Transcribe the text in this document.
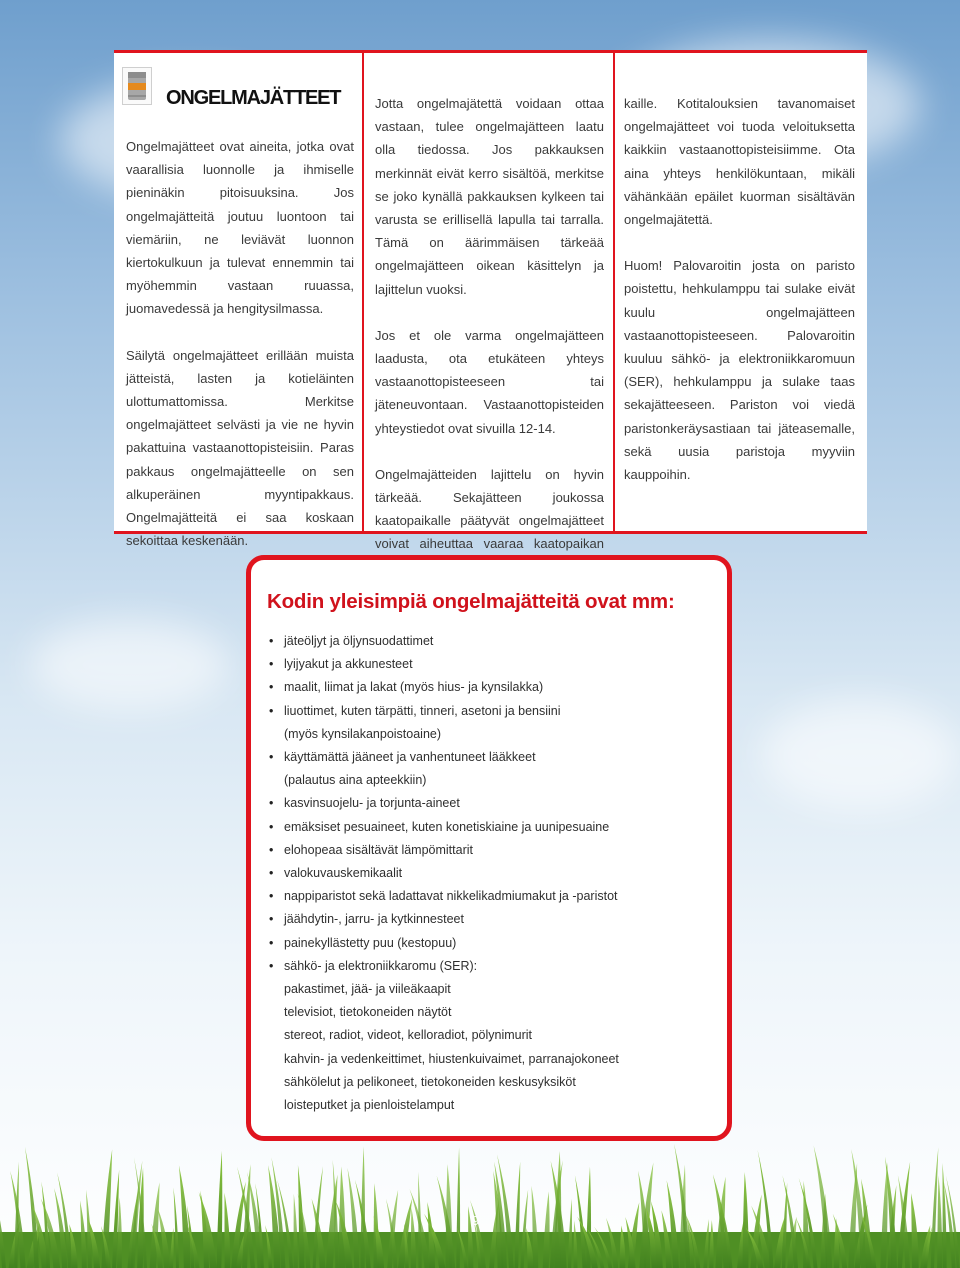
ONGELMAJÄTTEET

Ongelmajätteet ovat aineita, jotka ovat vaarallisia luonnolle ja ihmiselle pieninäkin pitoisuuksina. Jos ongelmajätteitä joutuu luontoon tai viemäriin, ne leviävät luonnon kiertokulkuun ja tulevat ennemmin tai myöhemmin vastaan ruuassa, juomavedessä ja hengitysilmassa.

Säilytä ongelmajätteet erillään muista jätteistä, lasten ja kotieläinten ulottumattomissa. Merkitse ongelmajätteet selvästi ja vie ne hyvin pakattuina vastaanottopisteisiin. Paras pakkaus ongelmajätteelle on sen alkuperäinen myyntipakkaus. Ongelmajätteitä ei saa koskaan sekoittaa keskenään.

Jotta ongelmajätettä voidaan ottaa vastaan, tulee ongelmajätteen laatu olla tiedossa. Jos pakkauksen merkinnät eivät kerro sisältöä, merkitse se joko kynällä pakkauksen kylkeen tai varusta se erillisellä lapulla tai tarralla. Tämä on äärimmäisen tärkeää ongelmajätteen oikean käsittelyn ja lajittelun vuoksi.

Jos et ole varma ongelmajätteen laadusta, ota etukäteen yhteys vastaanottopisteeseen tai jäteneuvontaan. Vastaanottopisteiden yhteystiedot ovat sivuilla 12-14.

Ongelmajätteiden lajittelu on hyvin tärkeää. Sekajätteen joukossa kaatopaikalle päätyvät ongelmajätteet voivat aiheuttaa vaaraa kaatopaikan

kaille. Kotitalouksien tavanomaiset ongelmajätteet voi tuoda veloituksetta kaikkiin vastaanottopisteisiimme. Ota aina yhteys henkilökuntaan, mikäli vähänkään epäilet kuorman sisältävän ongelmajätettä.

Huom! Palovaroitin josta on paristo poistettu, hehkulamppu tai sulake eivät kuulu ongelmajätteen vastaanottopisteeseen. Palovaroitin kuuluu sähkö- ja elektroniikkaromuun (SER), hehkulamppu ja sulake taas sekajätteeseen. Pariston voi viedä paristonkeräysastiaan tai jäteasemalle, sekä uusia paristoja myyviin kauppoihin.

Kodin yleisimpiä ongelmajätteitä ovat mm:
• jäteöljyt ja öljynsuodattimet
• lyijyakut ja akkunesteet
• maalit, liimat ja lakat (myös hius- ja kynsilakka)
• liuottimet, kuten tärpätti, tinneri, asetoni ja bensiini
(myös kynsilakanpoistoaine)
• käyttämättä jääneet ja vanhentuneet lääkkeet
(palautus aina apteekkiin)
• kasvinsuojelu- ja torjunta-aineet
• emäksiset pesuaineet, kuten konetiskiaine ja uunipesuaine
• elohopeaa sisältävät lämpömittarit
• valokuvauskemikaalit
• nappiparistot sekä ladattavat nikkelikadmiumakut ja -paristot
• jäähdytin-, jarru- ja kytkinnesteet
• painekyllästetty puu (kestopuu)
• sähkö- ja elektroniikkaromu (SER):
pakastimet, jää- ja viileäkaapit
televisiot, tietokoneiden näytöt
stereot, radiot, videot, kelloradiot, pölynimurit
kahvin- ja vedenkeittimet, hiustenkuivaimet, parranajokoneet
sähkölelut ja pelikoneet, tietokoneiden keskusyksiköt
loisteputket ja pienloistelamput
9
